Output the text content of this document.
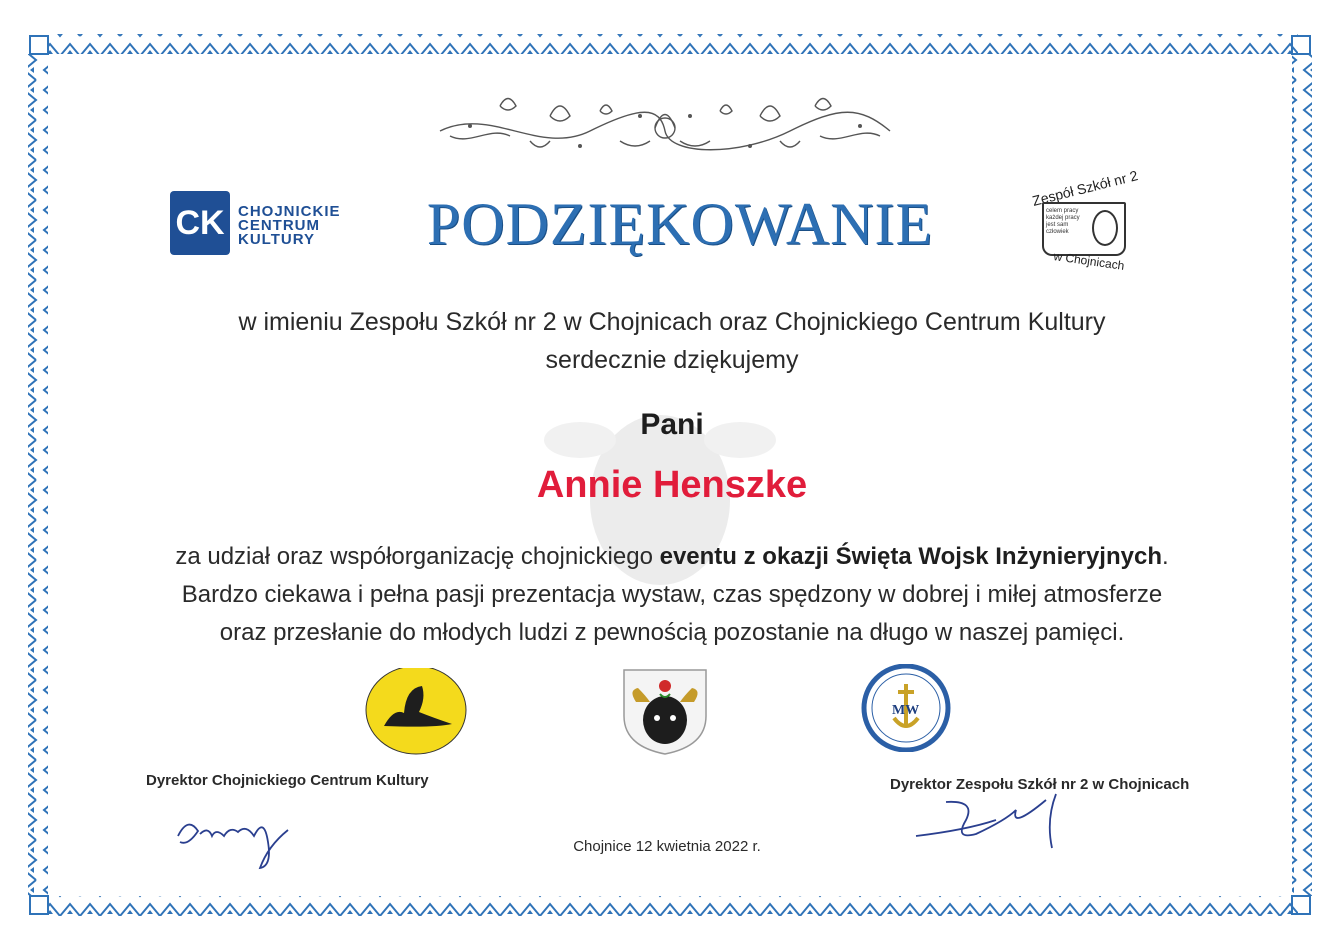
CK CHOJNICKIE
CENTRUM
KULTURY	PODZIĘKOWANIE
Zespół Szkół nr 2
celem pracy każdej pracy jest sam człowiek
w Chojnicach
w imieniu Zespołu Szkół nr 2 w Chojnicach oraz Chojnickiego Centrum Kultury
serdecznie dziękujemy
Pani
Annie Henszke
za udział oraz współorganizację chojnickiego eventu z okazji Święta Wojsk Inżynieryjnych.
Bardzo ciekawa i pełna pasji prezentacja wystaw, czas spędzony w dobrej i miłej atmosferze
oraz przesłanie do młodych ludzi z pewnością pozostanie na długo w naszej pamięci.
MW
Dyrektor Chojnickiego Centrum Kultury	Dyrektor Zespołu Szkół nr 2 w Chojnicach
Chojnice 12 kwietnia 2022 r.
